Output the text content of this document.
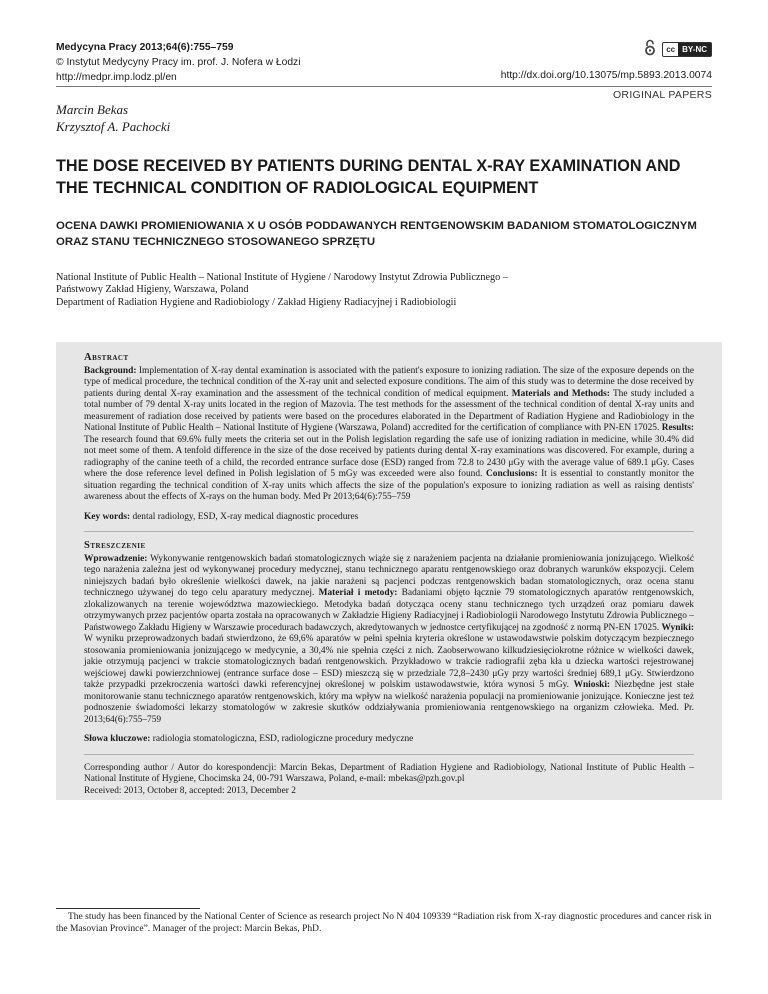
Medycyna Pracy 2013;64(6):755–759
© Instytut Medycyny Pracy im. prof. J. Nofera w Łodzi
http://medpr.imp.lodz.pl/en
cc BY-NC
http://dx.doi.org/10.13075/mp.5893.2013.0074
ORIGINAL PAPERS
Marcin Bekas
Krzysztof A. Pachocki
THE DOSE RECEIVED BY PATIENTS DURING DENTAL X-RAY EXAMINATION AND THE TECHNICAL CONDITION OF RADIOLOGICAL EQUIPMENT
OCENA DAWKI PROMIENIOWANIA X U OSÓB PODDAWANYCH RENTGENOWSKIM BADANIOM STOMATOLOGICZNYM ORAZ STANU TECHNICZNEGO STOSOWANEGO SPRZĘTU
National Institute of Public Health – National Institute of Hygiene / Narodowy Instytut Zdrowia Publicznego –
Państwowy Zakład Higieny, Warszawa, Poland
Department of Radiation Hygiene and Radiobiology / Zakład Higieny Radiacyjnej i Radiobiologii
Abstract

Background: Implementation of X-ray dental examination is associated with the patient's exposure to ionizing radiation. The size of the exposure depends on the type of medical procedure, the technical condition of the X-ray unit and selected exposure conditions. The aim of this study was to determine the dose received by patients during dental X-ray examination and the assessment of the technical condition of medical equipment. Materials and Methods: The study included a total number of 79 dental X-ray units located in the region of Mazovia. The test methods for the assessment of the technical condition of dental X-ray units and measurement of radiation dose received by patients were based on the procedures elaborated in the Department of Radiation Hygiene and Radiobiology in the National Institute of Public Health – National Institute of Hygiene (Warszawa, Poland) accredited for the certification of compliance with PN-EN 17025. Results: The research found that 69.6% fully meets the criteria set out in the Polish legislation regarding the safe use of ionizing radiation in medicine, while 30.4% did not meet some of them. A tenfold difference in the size of the dose received by patients during dental X-ray examinations was discovered. For example, during a radiography of the canine teeth of a child, the recorded entrance surface dose (ESD) ranged from 72.8 to 2430 μGy with the average value of 689.1 μGy. Cases where the dose reference level defined in Polish legislation of 5 mGy was exceeded were also found. Conclusions: It is essential to constantly monitor the situation regarding the technical condition of X-ray units which affects the size of the population's exposure to ionizing radiation as well as raising dentists' awareness about the effects of X-rays on the human body. Med Pr 2013;64(6):755–759

Key words: dental radiology, ESD, X-ray medical diagnostic procedures

Streszczenie

Wprowadzenie: Wykonywanie rentgenowskich badań stomatologicznych wiąże się z narażeniem pacjenta na działanie promieniowania jonizującego. Wielkość tego narażenia zależna jest od wykonywanej procedury medycznej, stanu technicznego aparatu rentgenowskiego oraz dobranych warunków ekspozycji. Celem niniejszych badań było określenie wielkości dawek, na jakie narażeni są pacjenci podczas rentgenowskich badan stomatologicznych, oraz ocena stanu technicznego używanej do tego celu aparatury medycznej. Materiał i metody: Badaniami objęto łącznie 79 stomatologicznych aparatów rentgenowskich, zlokalizowanych na terenie województwa mazowieckiego. Metodyka badań dotycząca oceny stanu technicznego tych urządzeń oraz pomiaru dawek otrzymywanych przez pacjentów oparta została na opracowanych w Zakładzie Higieny Radiacyjnej i Radiobiologii Narodowego Instytutu Zdrowia Publicznego – Państwowego Zakładu Higieny w Warszawie procedurach badawczych, akredytowanych w jednostce certyfikującej na zgodność z normą PN-EN 17025. Wyniki: W wyniku przeprowadzonych badań stwierdzono, że 69,6% aparatów w pełni spełnia kryteria określone w ustawodawstwie polskim dotyczącym bezpiecznego stosowania promieniowania jonizującego w medycynie, a 30,4% nie spełnia części z nich. Zaobserwowano kilkudziesięciokrotne różnice w wielkości dawek, jakie otrzymują pacjenci w trakcie stomatologicznych badań rentgenowskich. Przykładowo w trakcie radiografii zęba kła u dziecka wartości rejestrowanej wejściowej dawki powierzchniowej (entrance surface dose – ESD) mieszczą się w przedziale 72,8–2430 μGy przy wartości średniej 689,1 μGy. Stwierdzono także przypadki przekroczenia wartości dawki referencyjnej określonej w polskim ustawodawstwie, która wynosi 5 mGy. Wnioski: Niezbędne jest stałe monitorowanie stanu technicznego aparatów rentgenowskich, który ma wpływ na wielkość narażenia populacji na promieniowanie jonizujące. Konieczne jest też podnoszenie świadomości lekarzy stomatologów w zakresie skutków oddziaływania promieniowania rentgenowskiego na organizm człowieka. Med. Pr. 2013;64(6):755–759

Słowa kluczowe: radiologia stomatologiczna, ESD, radiologiczne procedury medyczne

Corresponding author / Autor do korespondencji: Marcin Bekas, Department of Radiation Hygiene and Radiobiology, National Institute of Public Health – National Institute of Hygiene, Chocimska 24, 00-791 Warszawa, Poland, e-mail: mbekas@pzh.gov.pl

Received: 2013, October 8, accepted: 2013, December 2

The study has been financed by the National Center of Science as research project No N 404 109339 “Radiation risk from X-ray diagnostic procedures and cancer risk in the Masovian Province”. Manager of the project: Marcin Bekas, PhD.
